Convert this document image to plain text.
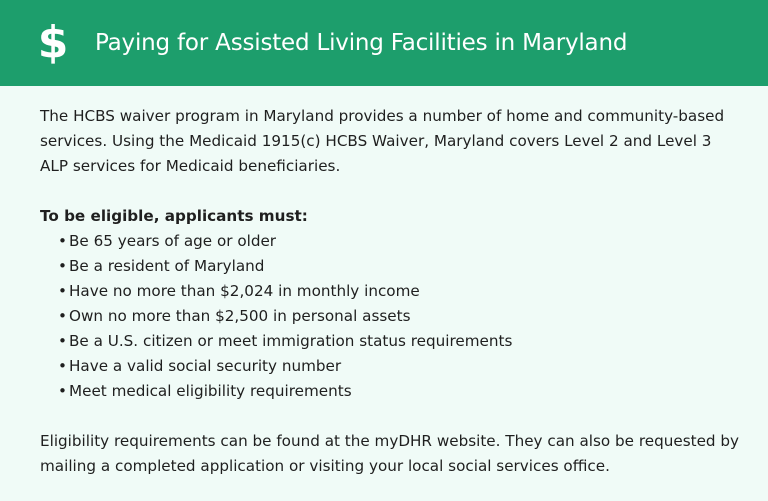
$ Paying for Assisted Living Facilities in Maryland

The HCBS waiver program in Maryland provides a number of home and community-based services. Using the Medicaid 1915(c) HCBS Waiver, Maryland covers Level 2 and Level 3 ALP services for Medicaid beneficiaries.

To be eligible, applicants must:

• Be 65 years of age or older
• Be a resident of Maryland
• Have no more than $2,024 in monthly income
• Own no more than $2,500 in personal assets
• Be a U.S. citizen or meet immigration status requirements
• Have a valid social security number
• Meet medical eligibility requirements

Eligibility requirements can be found at the myDHR website. They can also be requested by mailing a completed application or visiting your local social services office.
